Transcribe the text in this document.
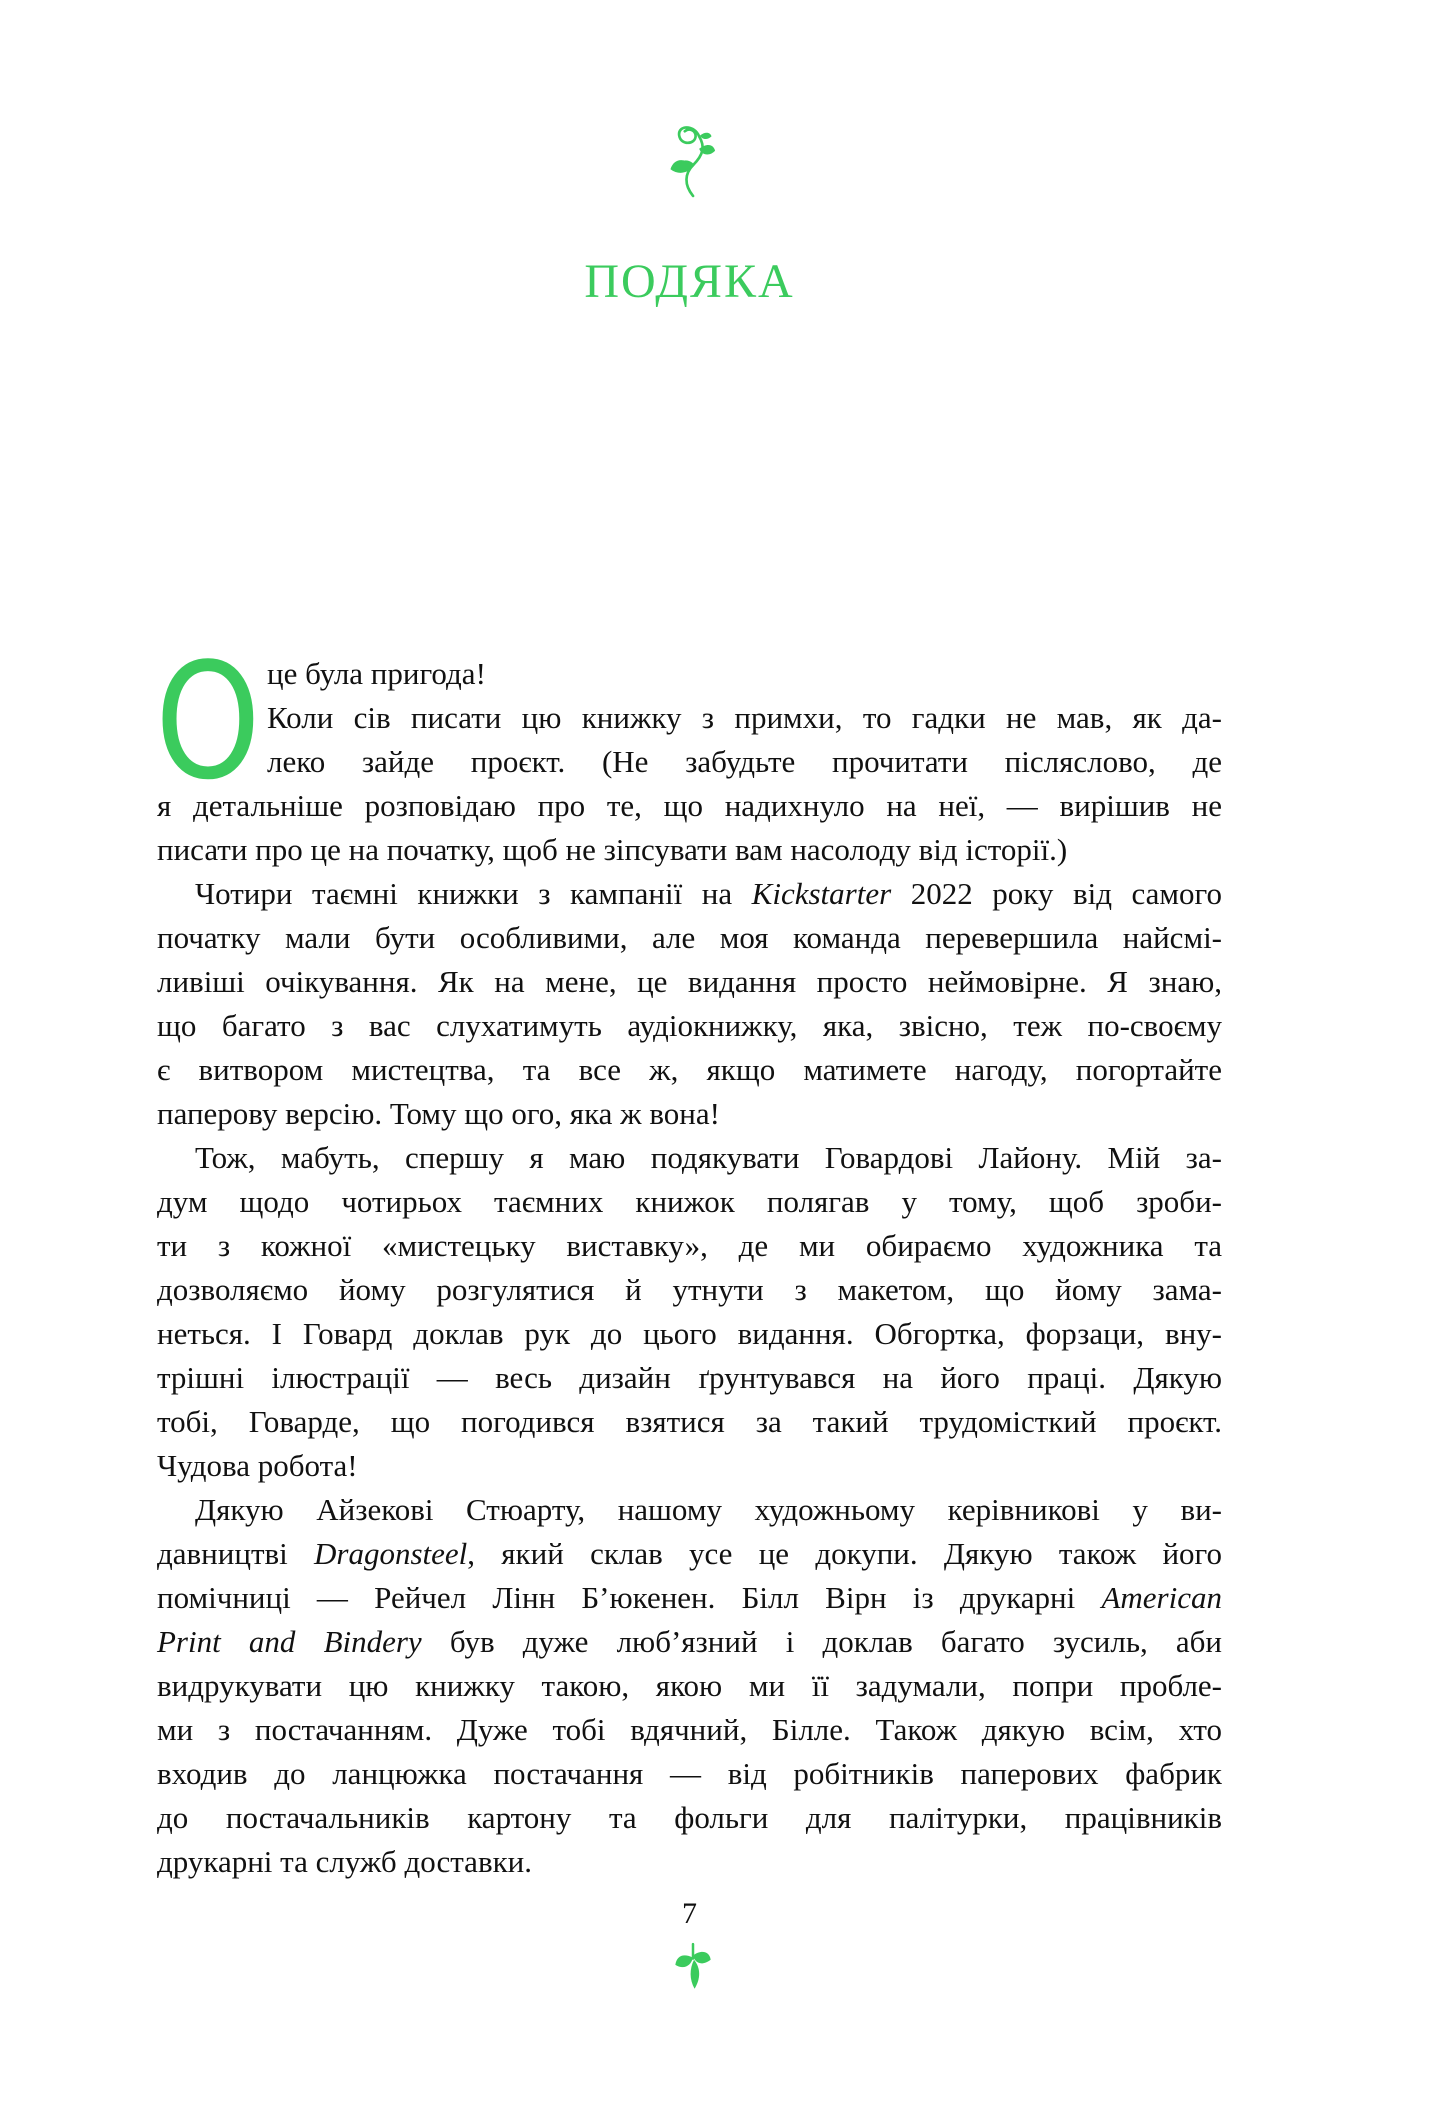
ПОДЯКА
О це була пригода!
Коли сів писати цю книжку з примхи, то гадки не мав, як да-
леко зайде проєкт. (Не забудьте прочитати післяслово, де
я детальніше розповідаю про те, що надихнуло на неї, — вирішив не
писати про це на початку, щоб не зіпсувати вам насолоду від історії.)
Чотири таємні книжки з кампанії на Kickstarter 2022 року від самого
початку мали бути особливими, але моя команда перевершила найсмі-
ливіші очікування. Як на мене, це видання просто неймовірне. Я знаю,
що багато з вас слухатимуть аудіокнижку, яка, звісно, теж по-своєму
є витвором мистецтва, та все ж, якщо матимете нагоду, погортайте
паперову версію. Тому що ого, яка ж вона!
Тож, мабуть, спершу я маю подякувати Говардові Лайону. Мій за-
дум щодо чотирьох таємних книжок полягав у тому, щоб зроби-
ти з кожної «мистецьку виставку», де ми обираємо художника та
дозволяємо йому розгулятися й утнути з макетом, що йому зама-
неться. І Говард доклав рук до цього видання. Обгортка, форзаци, вну-
трішні ілюстрації — весь дизайн ґрунтувався на його праці. Дякую
тобі, Говарде, що погодився взятися за такий трудомісткий проєкт.
Чудова робота!
Дякую Айзекові Стюарту, нашому художньому керівникові у ви-
давництві Dragonsteel, який склав усе це докупи. Дякую також його
помічниці — Рейчел Лінн Б’юкенен. Білл Вірн із друкарні American
Print and Bindery був дуже люб’язний і доклав багато зусиль, аби
видрукувати цю книжку такою, якою ми її задумали, попри пробле-
ми з постачанням. Дуже тобі вдячний, Білле. Також дякую всім, хто
входив до ланцюжка постачання — від робітників паперових фабрик
до постачальників картону та фольги для палітурки, працівників
друкарні та служб доставки.
7
